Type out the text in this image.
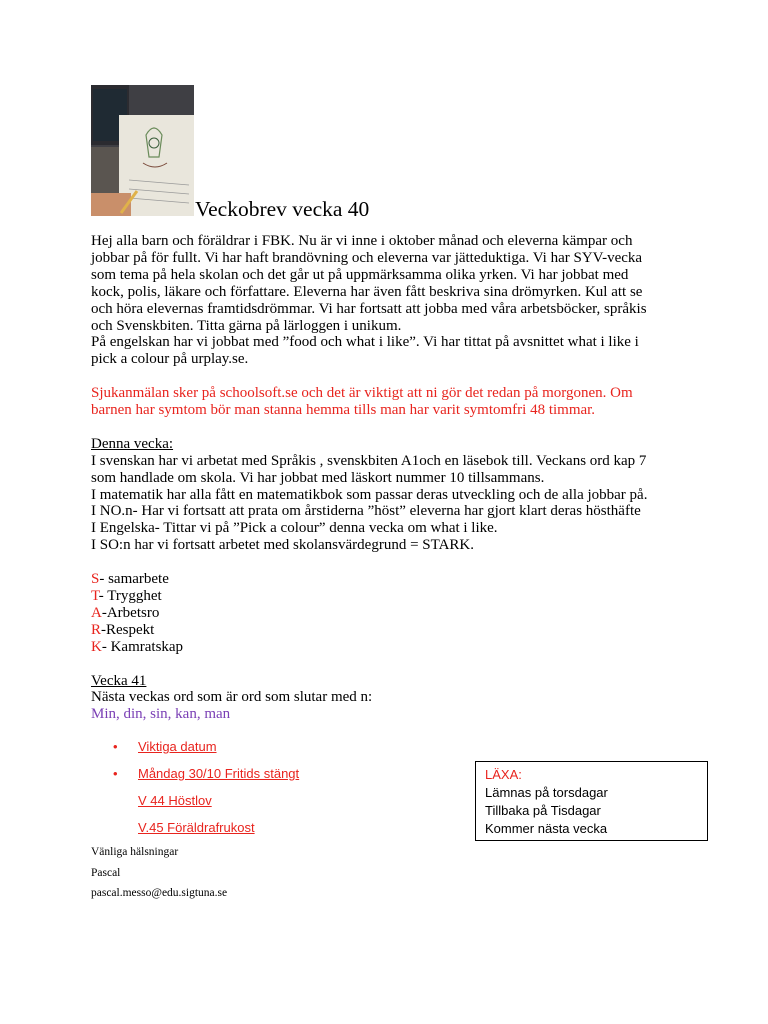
Veckobrev vecka 40

Hej alla barn och föräldrar i FBK. Nu är vi inne i oktober månad och eleverna kämpar och

jobbar på för fullt. Vi har haft brandövning och eleverna var jätteduktiga. Vi har SYV-vecka

som tema på hela skolan och det går ut på uppmärksamma olika yrken. Vi har jobbat med

kock, polis, läkare och författare. Eleverna har även fått beskriva sina drömyrken. Kul att se

och höra elevernas framtidsdrömmar. Vi har fortsatt att jobba med våra arbetsböcker, språkis

och Svenskbiten. Titta gärna på lärloggen i unikum.

På engelskan har vi jobbat med ”food och what i like”. Vi har tittat på avsnittet what i like i

pick a colour på urplay.se.

Sjukanmälan sker på schoolsoft.se och det är viktigt att ni gör det redan på morgonen. Om

barnen har symtom bör man stanna hemma tills man har varit symtomfri 48 timmar.

Denna vecka:

I svenskan har vi arbetat med Språkis , svenskbiten A1och en läsebok till. Veckans ord kap 7

som handlade om skola. Vi har jobbat med läskort nummer 10 tillsammans.

I matematik har alla fått en matematikbok som passar deras utveckling och de alla jobbar på.

I NO.n- Har vi fortsatt att prata om årstiderna ”höst” eleverna har gjort klart deras hösthäfte

I Engelska- Tittar vi på ”Pick a colour” denna vecka om what i like.

I SO:n har vi fortsatt arbetet med skolansvärdegrund = STARK.

S- samarbete

T- Trygghet

A-Arbetsro

R-Respekt

K- Kamratskap

Vecka 41

Nästa veckas ord som är ord som slutar med n:

Min, din, sin, kan, man

• Viktiga datum
• Måndag 30/10 Fritids stängt
V 44 Höstlov
V.45 Föräldrafrukost

LÄXA:

Lämnas på torsdagar

Tillbaka på Tisdagar

Kommer nästa vecka

Vänliga hälsningar

Pascal

pascal.messo@edu.sigtuna.se
